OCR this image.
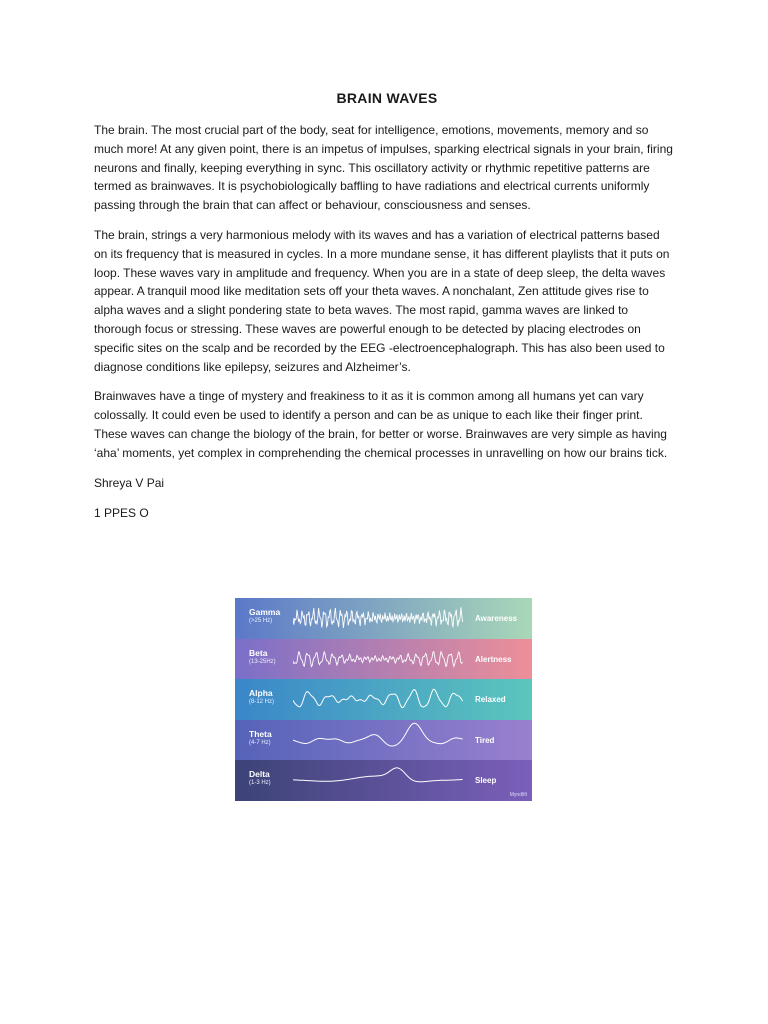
BRAIN WAVES

The brain. The most crucial part of the body, seat for intelligence, emotions, movements, memory and so much more! At any given point, there is an impetus of impulses, sparking electrical signals in your brain, firing neurons and finally, keeping everything in sync. This oscillatory activity or rhythmic repetitive patterns are termed as brainwaves. It is psychobiologically baffling to have radiations and electrical currents uniformly passing through the brain that can affect or behaviour, consciousness and senses.

The brain, strings a very harmonious melody with its waves and has a variation of electrical patterns based on its frequency that is measured in cycles. In a more mundane sense, it has different playlists that it puts on loop. These waves vary in amplitude and frequency. When you are in a state of deep sleep, the delta waves appear. A tranquil mood like meditation sets off your theta waves. A nonchalant, Zen attitude gives rise to alpha waves and a slight pondering state to beta waves. The most rapid, gamma waves are linked to thorough focus or stressing. These waves are powerful enough to be detected by placing electrodes on specific sites on the scalp and be recorded by the EEG -electroencephalograph. This has also been used to diagnose conditions like epilepsy, seizures and Alzheimer’s.

Brainwaves have a tinge of mystery and freakiness to it as it is common among all humans yet can vary colossally. It could even be used to identify a person and can be as unique to each like their finger print. These waves can change the biology of the brain, for better or worse. Brainwaves are very simple as having ‘aha’ moments, yet complex in comprehending the chemical processes in unravelling on how our brains tick.

Shreya V Pai

1 PPES O

Gamma
(>25 Hz)	Awareness
Beta
(13-25Hz)	Alertness
Alpha
(8-12 Hz)	Relaxed
Theta
(4-7 Hz)	Tired
Delta
(1-3 Hz)	Sleep
Myndlift
